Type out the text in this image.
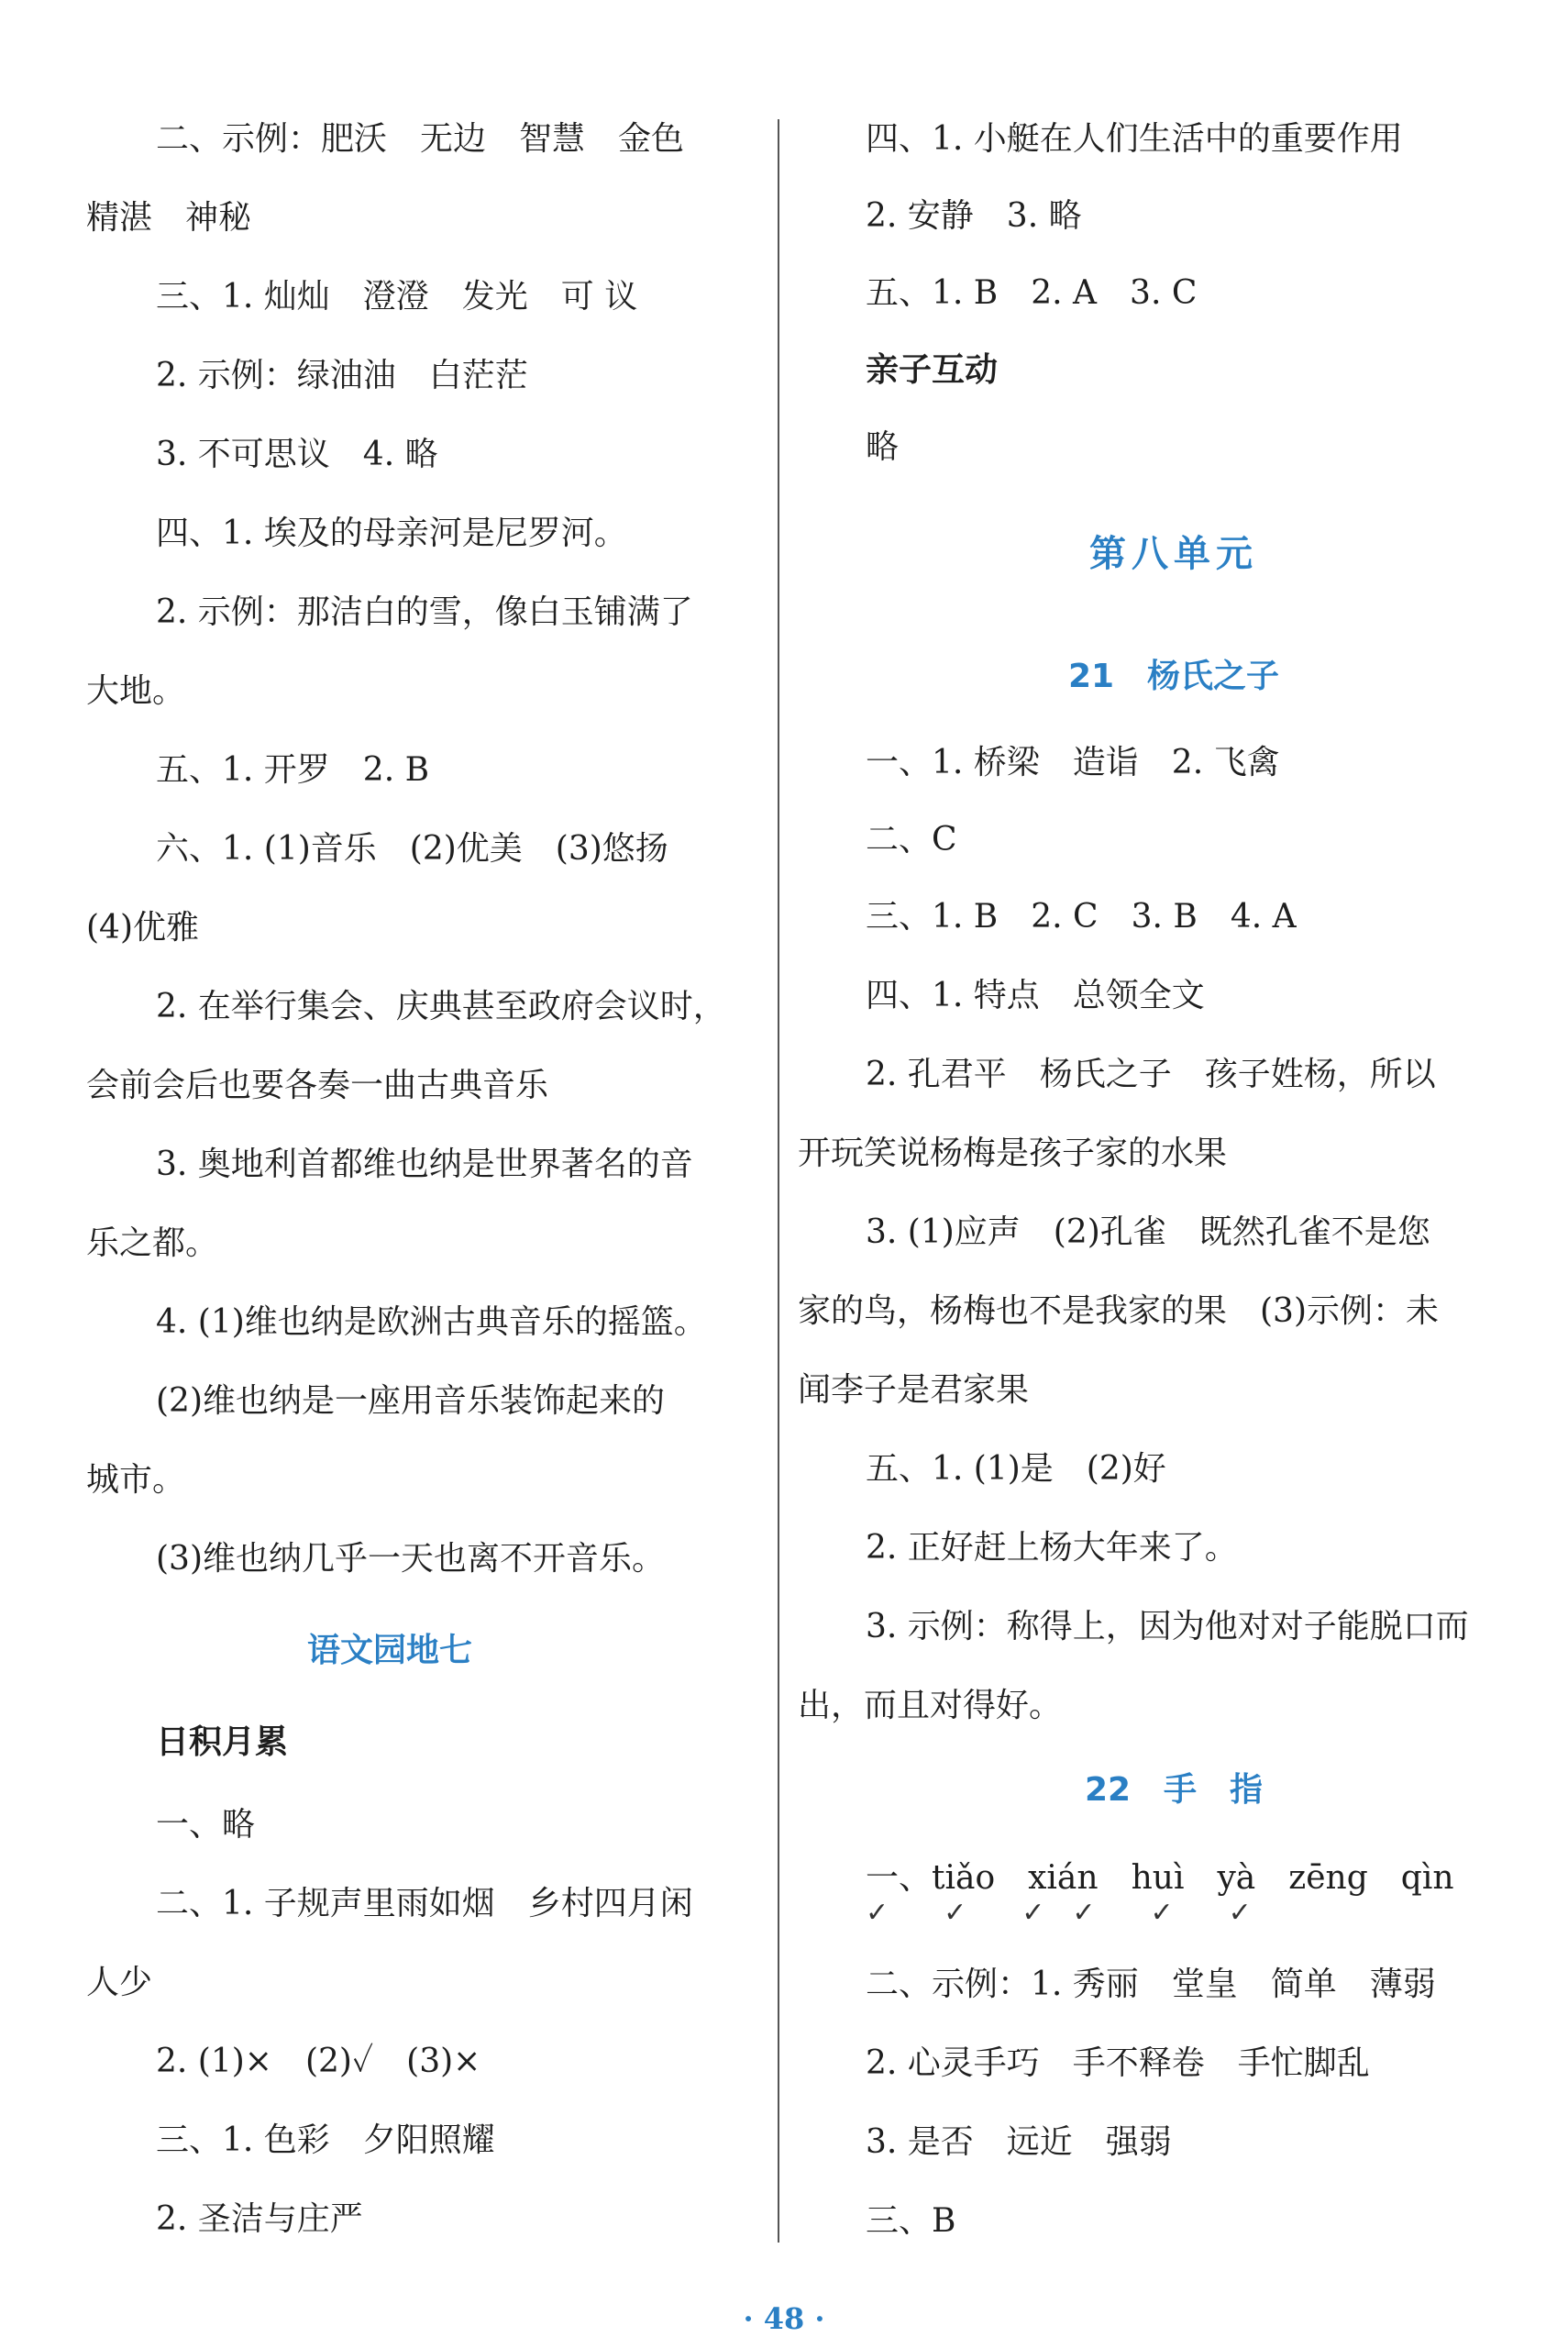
二、示例：肥沃　无边　智慧　金色
精湛　神秘
三、1. 灿灿　澄澄　发光　可 议
2. 示例：绿油油　白茫茫
3. 不可思议　4. 略
四、1. 埃及的母亲河是尼罗河。
2. 示例：那洁白的雪，像白玉铺满了
大地。
五、1. 开罗　2. B
六、1. (1)音乐　(2)优美　(3)悠扬
(4)优雅
2. 在举行集会、庆典甚至政府会议时，
会前会后也要各奏一曲古典音乐
3. 奥地利首都维也纳是世界著名的音
乐之都。
4. (1)维也纳是欧洲古典音乐的摇篮。
(2)维也纳是一座用音乐装饰起来的
城市。
(3)维也纳几乎一天也离不开音乐。
语文园地七
日积月累
一、略
二、1. 子规声里雨如烟　乡村四月闲
人少
2. (1)×　(2)✓　(3)×
三、1. 色彩　夕阳照耀
2. 圣洁与庄严
四、1. 小艇在人们生活中的重要作用
2. 安静　3. 略
五、1. B　2. A　3. C
亲子互动
略
第八单元
21　杨氏之子
一、1. 桥梁　造诣　2. 飞禽
二、C
三、1. B　2. C　3. B　4. A
四、1. 特点　总领全文
2. 孔君平　杨氏之子　孩子姓杨，所以
开玩笑说杨梅是孩子家的水果
3. (1)应声　(2)孔雀　既然孔雀不是您
家的鸟，杨梅也不是我家的果　(3)示例：未
闻李子是君家果
五、1. (1)是　(2)好
2. 正好赶上杨大年来了。
3. 示例：称得上，因为他对对子能脱口而
出，而且对得好。
22　手　指
一、tiǎo　xián　huì　yà　zēng　qìn
✓　　✓　　✓　✓　　✓　　✓
二、示例：1. 秀丽　堂皇　简单　薄弱
2. 心灵手巧　手不释卷　手忙脚乱
3. 是否　远近　强弱
三、B
· 48 ·
